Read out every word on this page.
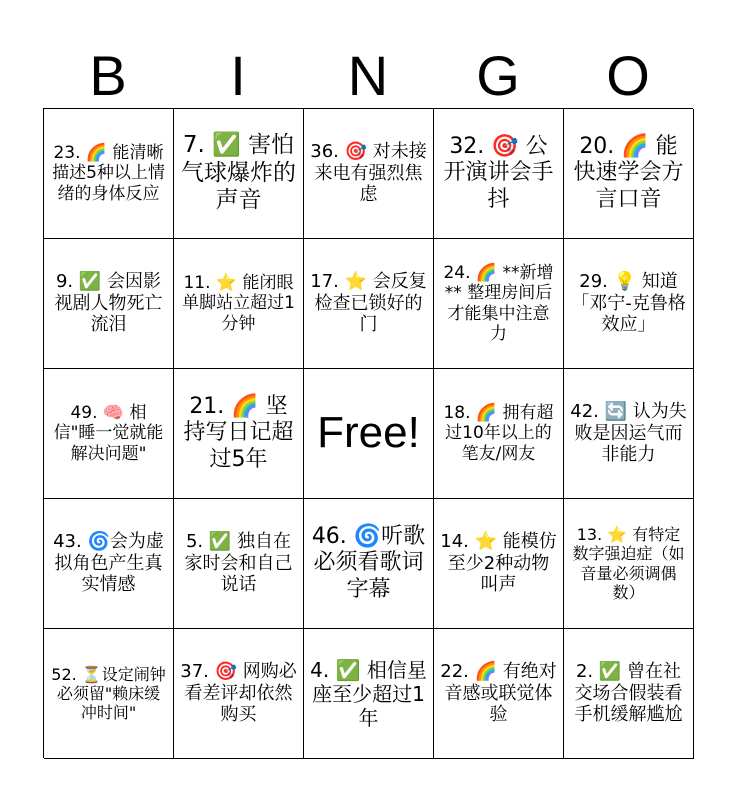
B	I	N	G	O
23. 🌈 能清晰描述5种以上情绪的身体反应
7. ✅ 害怕气球爆炸的声音
36. 🎯 对未接来电有强烈焦虑
32. 🎯 公开演讲会手抖
20. 🌈 能快速学会方言口音
9. ✅ 会因影视剧人物死亡流泪
11. ⭐ 能闭眼单脚站立超过1分钟
17. ⭐ 会反复检查已锁好的门
24. 🌈 **新增** 整理房间后才能集中注意力
29. 💡 知道「邓宁-克鲁格效应」
49. 🧠 相信"睡一觉就能解决问题"
21. 🌈 坚持写日记超过5年
Free!	18. 🌈 拥有超过10年以上的笔友/网友
42. 🔄 认为失败是因运气而非能力
43. 🌀会为虚拟角色产生真实情感
5. ✅ 独自在家时会和自己说话
46. 🌀听歌必须看歌词字幕
14. ⭐ 能模仿至少2种动物叫声
13. ⭐ 有特定数字强迫症（如音量必须调偶数）
52. ⏳设定闹钟必须留"赖床缓冲时间"
37. 🎯 网购必看差评却依然购买
4. ✅ 相信星座至少超过1年
22. 🌈 有绝对音感或联觉体验
2. ✅ 曾在社交场合假装看手机缓解尴尬
